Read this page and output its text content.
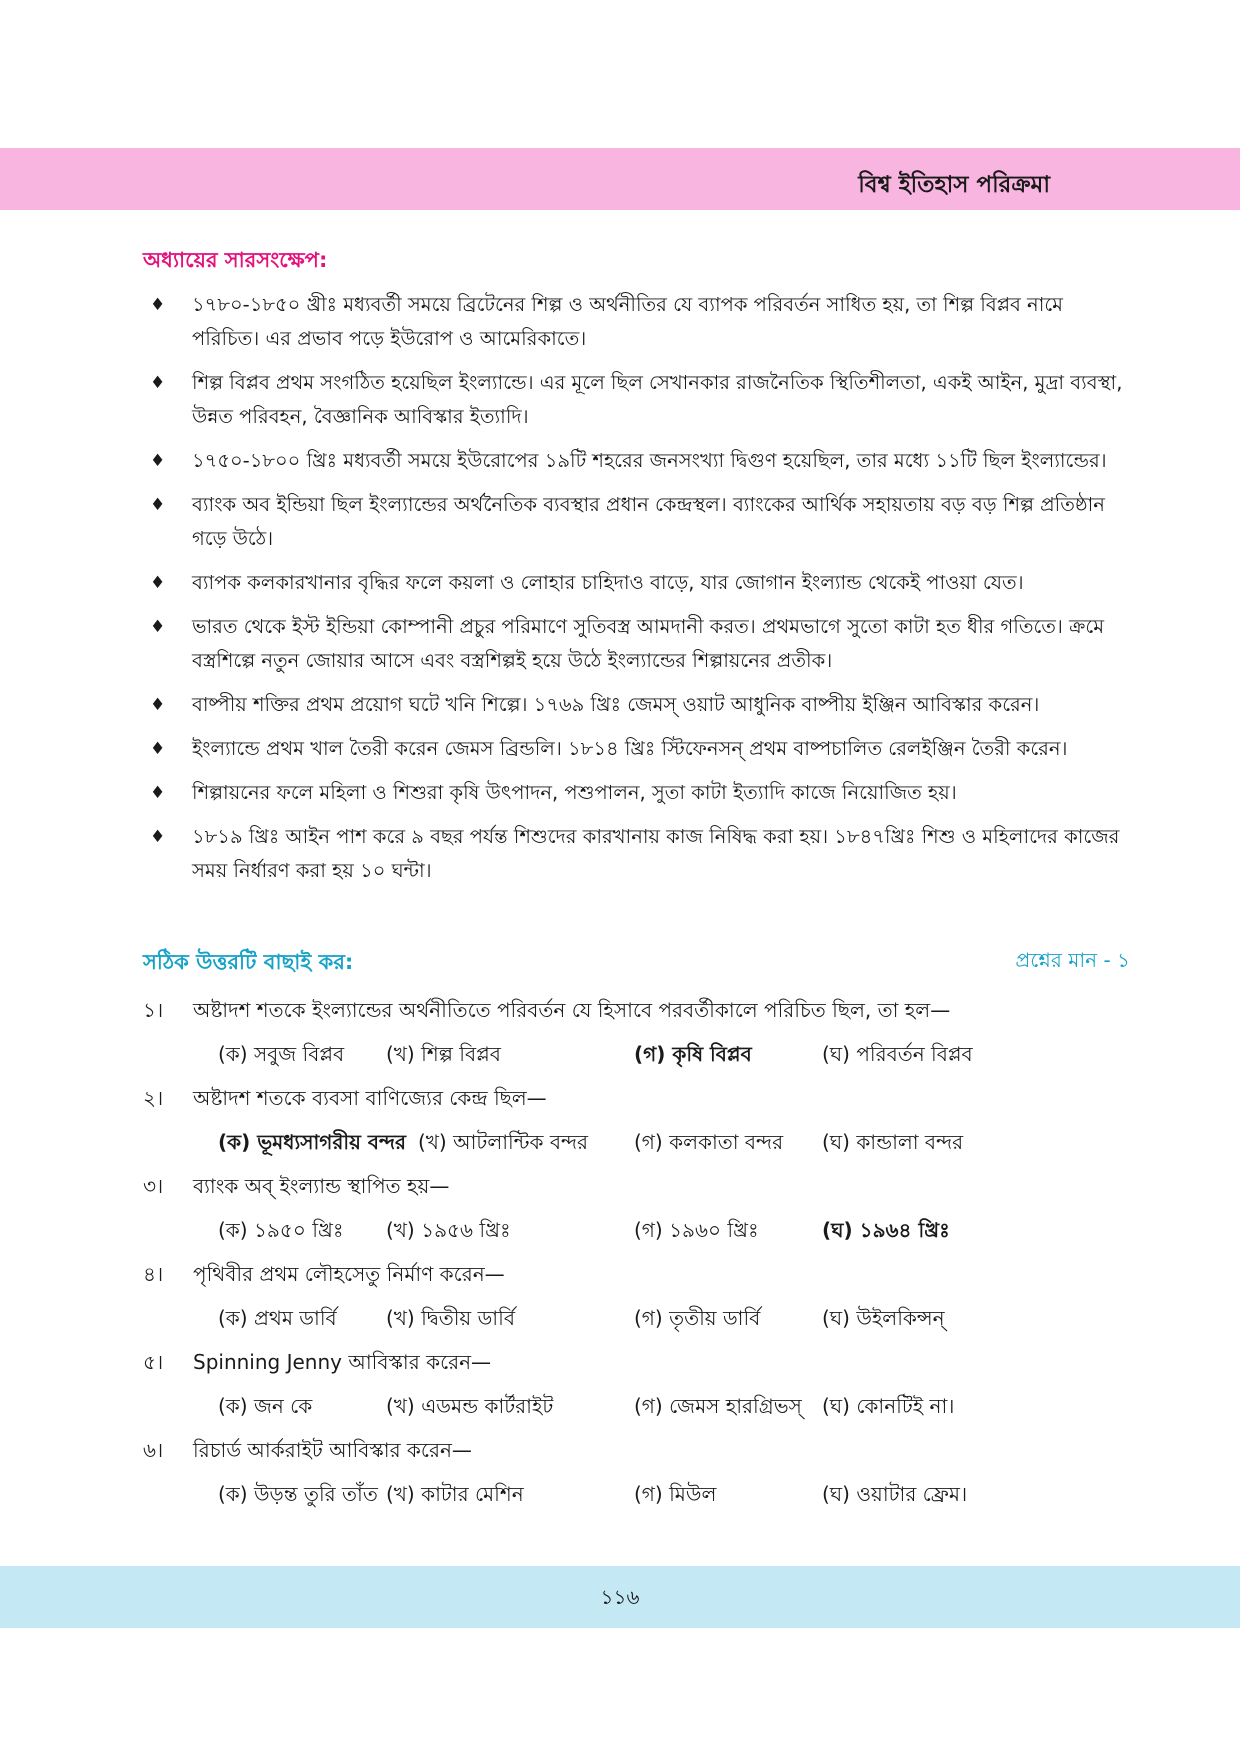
বিশ্ব ইতিহাস পরিক্রমা
অধ্যায়ের সারসংক্ষেপ:
♦ ১৭৮০-১৮৫০ খ্রীঃ মধ্যবর্তী সময়ে ব্রিটেনের শিল্প ও অর্থনীতির যে ব্যাপক পরিবর্তন সাধিত হয়, তা শিল্প বিপ্লব নামে পরিচিত। এর প্রভাব পড়ে ইউরোপ ও আমেরিকাতে।
♦ শিল্প বিপ্লব প্রথম সংগঠিত হয়েছিল ইংল্যান্ডে। এর মূলে ছিল সেখানকার রাজনৈতিক স্থিতিশীলতা, একই আইন, মুদ্রা ব্যবস্থা, উন্নত পরিবহন, বৈজ্ঞানিক আবিস্কার ইত্যাদি।
♦ ১৭৫০-১৮০০ খ্রিঃ মধ্যবর্তী সময়ে ইউরোপের ১৯টি শহরের জনসংখ্যা দ্বিগুণ হয়েছিল, তার মধ্যে ১১টি ছিল ইংল্যান্ডের।
♦ ব্যাংক অব ইন্ডিয়া ছিল ইংল্যান্ডের অর্থনৈতিক ব্যবস্থার প্রধান কেন্দ্রস্থল। ব্যাংকের আর্থিক সহায়তায় বড় বড় শিল্প প্রতিষ্ঠান গড়ে উঠে।
♦ ব্যাপক কলকারখানার বৃদ্ধির ফলে কয়লা ও লোহার চাহিদাও বাড়ে, যার জোগান ইংল্যান্ড থেকেই পাওয়া যেত।
♦ ভারত থেকে ইস্ট ইন্ডিয়া কোম্পানী প্রচুর পরিমাণে সুতিবস্ত্র আমদানী করত। প্রথমভাগে সুতো কাটা হত ধীর গতিতে। ক্রমে বস্ত্রশিল্পে নতুন জোয়ার আসে এবং বস্ত্রশিল্পই হয়ে উঠে ইংল্যান্ডের শিল্পায়নের প্রতীক।
♦ বাষ্পীয় শক্তির প্রথম প্রয়োগ ঘটে খনি শিল্পে। ১৭৬৯ খ্রিঃ জেমস্ ওয়াট আধুনিক বাষ্পীয় ইঞ্জিন আবিস্কার করেন।
♦ ইংল্যান্ডে প্রথম খাল তৈরী করেন জেমস ব্রিন্ডলি। ১৮১৪ খ্রিঃ স্টিফেনসন্ প্রথম বাষ্পচালিত রেলইঞ্জিন তৈরী করেন।
♦ শিল্পায়নের ফলে মহিলা ও শিশুরা কৃষি উৎপাদন, পশুপালন, সুতা কাটা ইত্যাদি কাজে নিয়োজিত হয়।
♦ ১৮১৯ খ্রিঃ আইন পাশ করে ৯ বছর পর্যন্ত শিশুদের কারখানায় কাজ নিষিদ্ধ করা হয়। ১৮৪৭খ্রিঃ শিশু ও মহিলাদের কাজের সময় নির্ধারণ করা হয় ১০ ঘন্টা।
সঠিক উত্তরটি বাছাই কর:	প্রশ্নের মান - ১
১। অষ্টাদশ শতকে ইংল্যান্ডের অর্থনীতিতে পরিবর্তন যে হিসাবে পরবর্তীকালে পরিচিত ছিল, তা হল—
(ক) সবুজ বিপ্লব	(খ) শিল্প বিপ্লব	(গ) কৃষি বিপ্লব	(ঘ) পরিবর্তন বিপ্লব
২। অষ্টাদশ শতকে ব্যবসা বাণিজ্যের কেন্দ্র ছিল—
(ক) ভূমধ্যসাগরীয় বন্দর (খ) আটলান্টিক বন্দর	(গ) কলকাতা বন্দর	(ঘ) কান্ডালা বন্দর
৩। ব্যাংক অব্ ইংল্যান্ড স্থাপিত হয়—
(ক) ১৯৫০ খ্রিঃ	(খ) ১৯৫৬ খ্রিঃ	(গ) ১৯৬০ খ্রিঃ	(ঘ) ১৯৬৪ খ্রিঃ
৪। পৃথিবীর প্রথম লৌহসেতু নির্মাণ করেন—
(ক) প্রথম ডার্বি	(খ) দ্বিতীয় ডার্বি	(গ) তৃতীয় ডার্বি	(ঘ) উইলকিন্সন্
৫। Spinning Jenny আবিস্কার করেন—
(ক) জন কে	(খ) এডমন্ড কার্টরাইট	(গ) জেমস হারগ্রিভস্	(ঘ) কোনটিই না।
৬। রিচার্ড আর্করাইট আবিস্কার করেন—
(ক) উড়ন্ত তুরি তাঁত (খ) কাটার মেশিন	(গ) মিউল	(ঘ) ওয়াটার ফ্রেম।
১১৬
